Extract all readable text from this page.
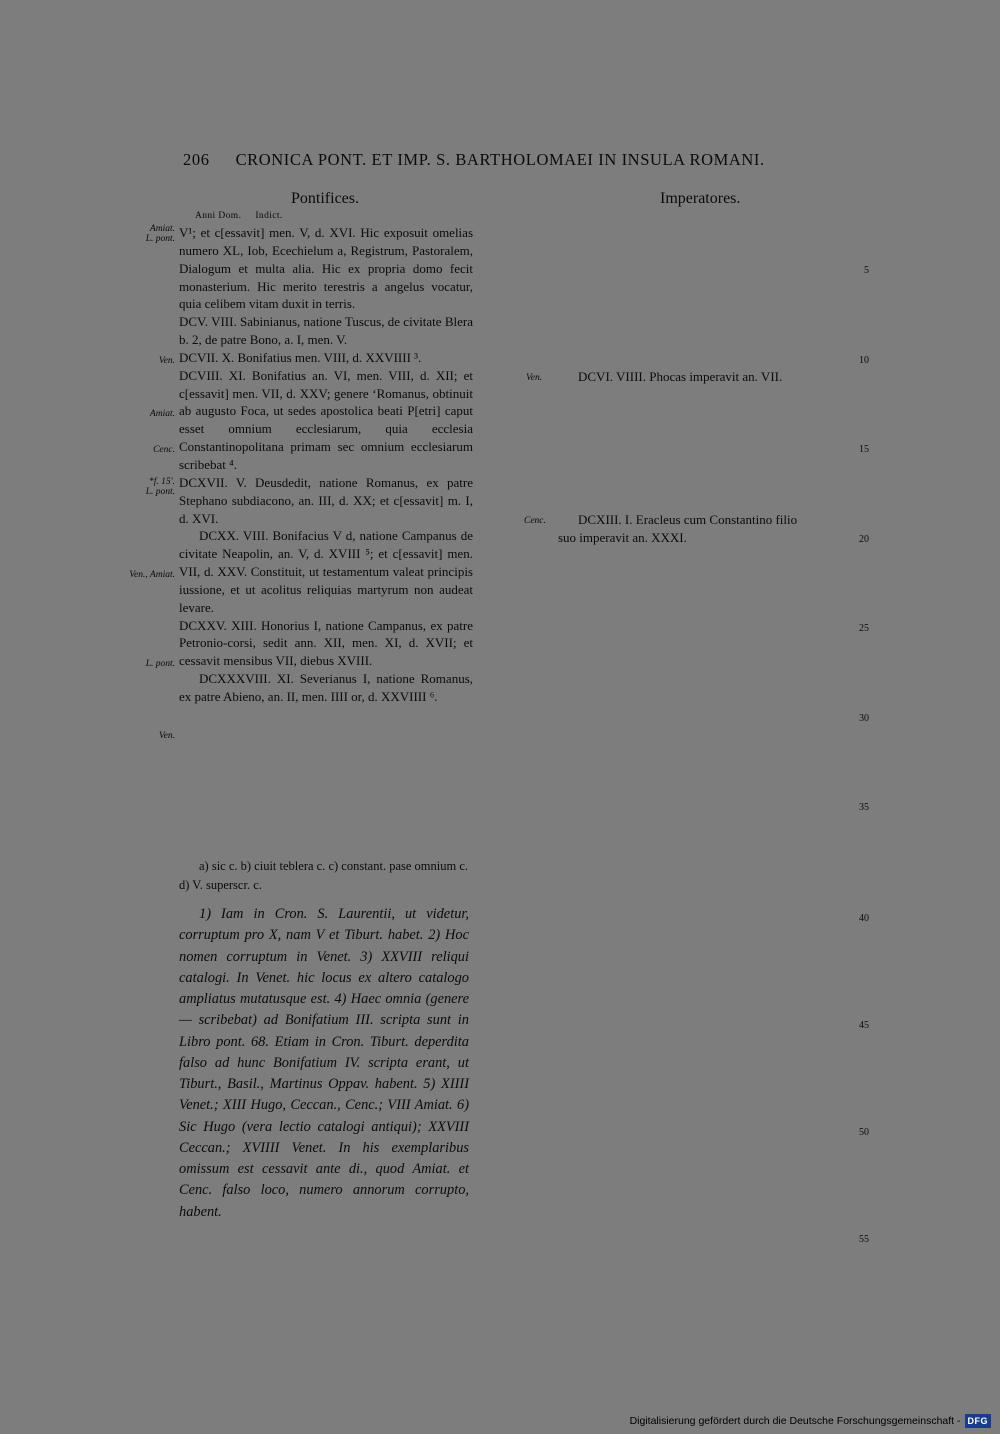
206 CRONICA PONT. ET IMP. S. BARTHOLOMAEI IN INSULA ROMANI.
Pontifices.	Imperatores.
Anni Dom. Indict.
Amiat.
L. pont.
Ven.
Amiat.
Cenc.
*f. 15'.
L. pont.
Ven., Amiat.
L. pont.
Ven.

V¹; et c[essavit] men. V, d. XVI. Hic exposuit omelias numero XL, Iob, Ecechielum a, Registrum, Pastoralem, Dialogum et multa alia. Hic ex propria domo fecit monasterium. Hic merito terestris a angelus vocatur, quia celibem vitam duxit in terris.

DCV. VIII. Sabinianus, natione Tuscus, de civitate Blera b. 2, de patre Bono, a. I, men. V.

DCVII. X. Bonifatius men. VIII, d. XXVIIII ³.

DCVIII. XI. Bonifatius an. VI, men. VIII, d. XII; et c[essavit] men. VII, d. XXV; genere ‘Romanus, obtinuit ab augusto Foca, ut sedes apostolica beati P[etri] caput esset omnium ecclesiarum, quia ecclesia Constantinopolitana primam sec omnium ecclesiarum scribebat ⁴.

DCXVII. V. Deusdedit, natione Romanus, ex patre Stephano subdiacono, an. III, d. XX; et c[essavit] m. I, d. XVI.

DCXX. VIII. Bonifacius V d, natione Campanus de civitate Neapolin, an. V, d. XVIII ⁵; et c[essavit] men. VII, d. XXV. Constituit, ut testamentum valeat principis iussione, et ut acolitus reliquias martyrum non audeat levare.

DCXXV. XIII. Honorius I, natione Campanus, ex patre Petronio-corsi, sedit ann. XII, men. XI, d. XVII; et cessavit mensibus VII, diebus XVIII.

DCXXXVIII. XI. Severianus I, natione Romanus, ex patre Abieno, an. II, men. IIII or, d. XXVIIII ⁶.

a) sic c. b) ciuit teblera c. c) constant. pase omnium c. d) V. superscr. c.

1) Iam in Cron. S. Laurentii, ut videtur, corruptum pro X, nam V et Tiburt. habet. 2) Hoc nomen corruptum in Venet. 3) XXVIII reliqui catalogi. In Venet. hic locus ex altero catalogo ampliatus mutatusque est. 4) Haec omnia (genere — scribebat) ad Bonifatium III. scripta sunt in Libro pont. 68. Etiam in Cron. Tiburt. deperdita falso ad hunc Bonifatium IV. scripta erant, ut Tiburt., Basil., Martinus Oppav. habent. 5) XIIII Venet.; XIII Hugo, Ceccan., Cenc.; VIII Amiat. 6) Sic Hugo (vera lectio catalogi antiqui); XXVIII Ceccan.; XVIIII Venet. In his exemplaribus omissum est cessavit ante di., quod Amiat. et Cenc. falso loco, numero annorum corrupto, habent.

Ven.	DCVI. VIIII. Phocas imperavit an. VII.
Cenc. DCXIII. I. Eracleus cum Constantino filio
suo imperavit an. XXXI.
5
10
15
20
25
30
35
40
45
50
55
Digitalisierung gefördert durch die Deutsche Forschungsgemeinschaft - DFG
